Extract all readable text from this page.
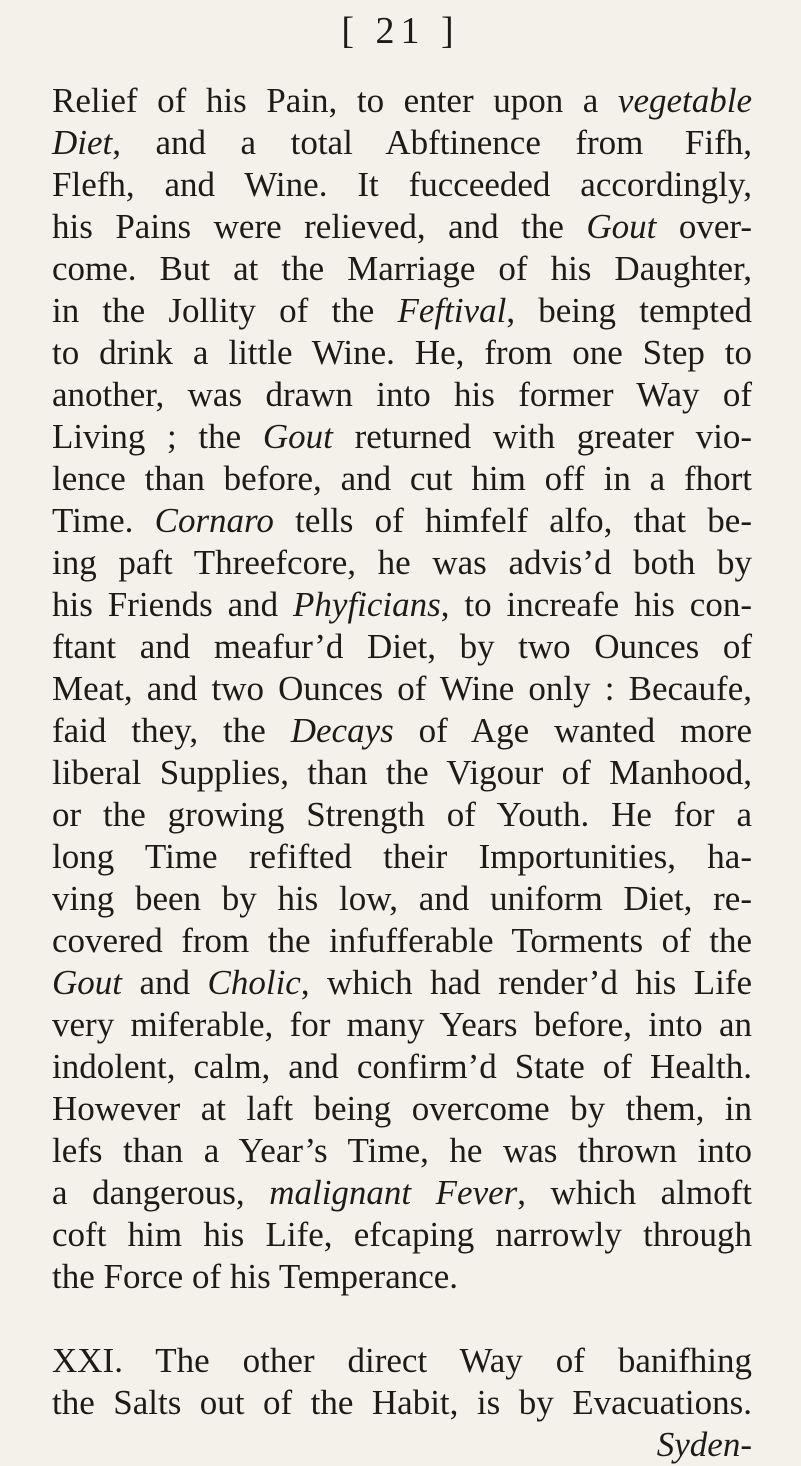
[ 21 ]
Relief of his Pain, to enter upon a vegetable
Diet, and a total Abftinence from  Fifh,
Flefh, and Wine. It fucceeded accordingly,
his Pains were relieved, and the Gout over-
come. But at the Marriage of his Daughter,
in the Jollity of the Feftival, being tempted
to drink a little Wine. He, from one Step to
another, was drawn into his former Way of
Living ; the Gout returned with greater vio-
lence than before, and cut him off in a fhort
Time. Cornaro tells of himfelf alfo, that be-
ing paft Threefcore, he was advis’d both by
his Friends and Phyficians, to increafe his con-
ftant and meafur’d Diet, by two Ounces of
Meat, and two Ounces of Wine only : Becaufe,
faid they, the Decays of Age wanted more
liberal Supplies, than the Vigour of Manhood,
or the growing Strength of Youth. He for a
long Time refifted their Importunities, ha-
ving been by his low, and uniform Diet, re-
covered from the infufferable Torments of the
Gout and Cholic, which had render’d his Life
very miferable, for many Years before, into an
indolent, calm, and confirm’d State of Health.
However at laft being overcome by them, in
lefs than a Year’s Time, he was thrown into
a dangerous, malignant Fever, which almoft
coft him his Life, efcaping narrowly through
the Force of his Temperance.
XXI. The other direct Way of banifhing
the Salts out of the Habit, is by Evacuations.
Syden-
